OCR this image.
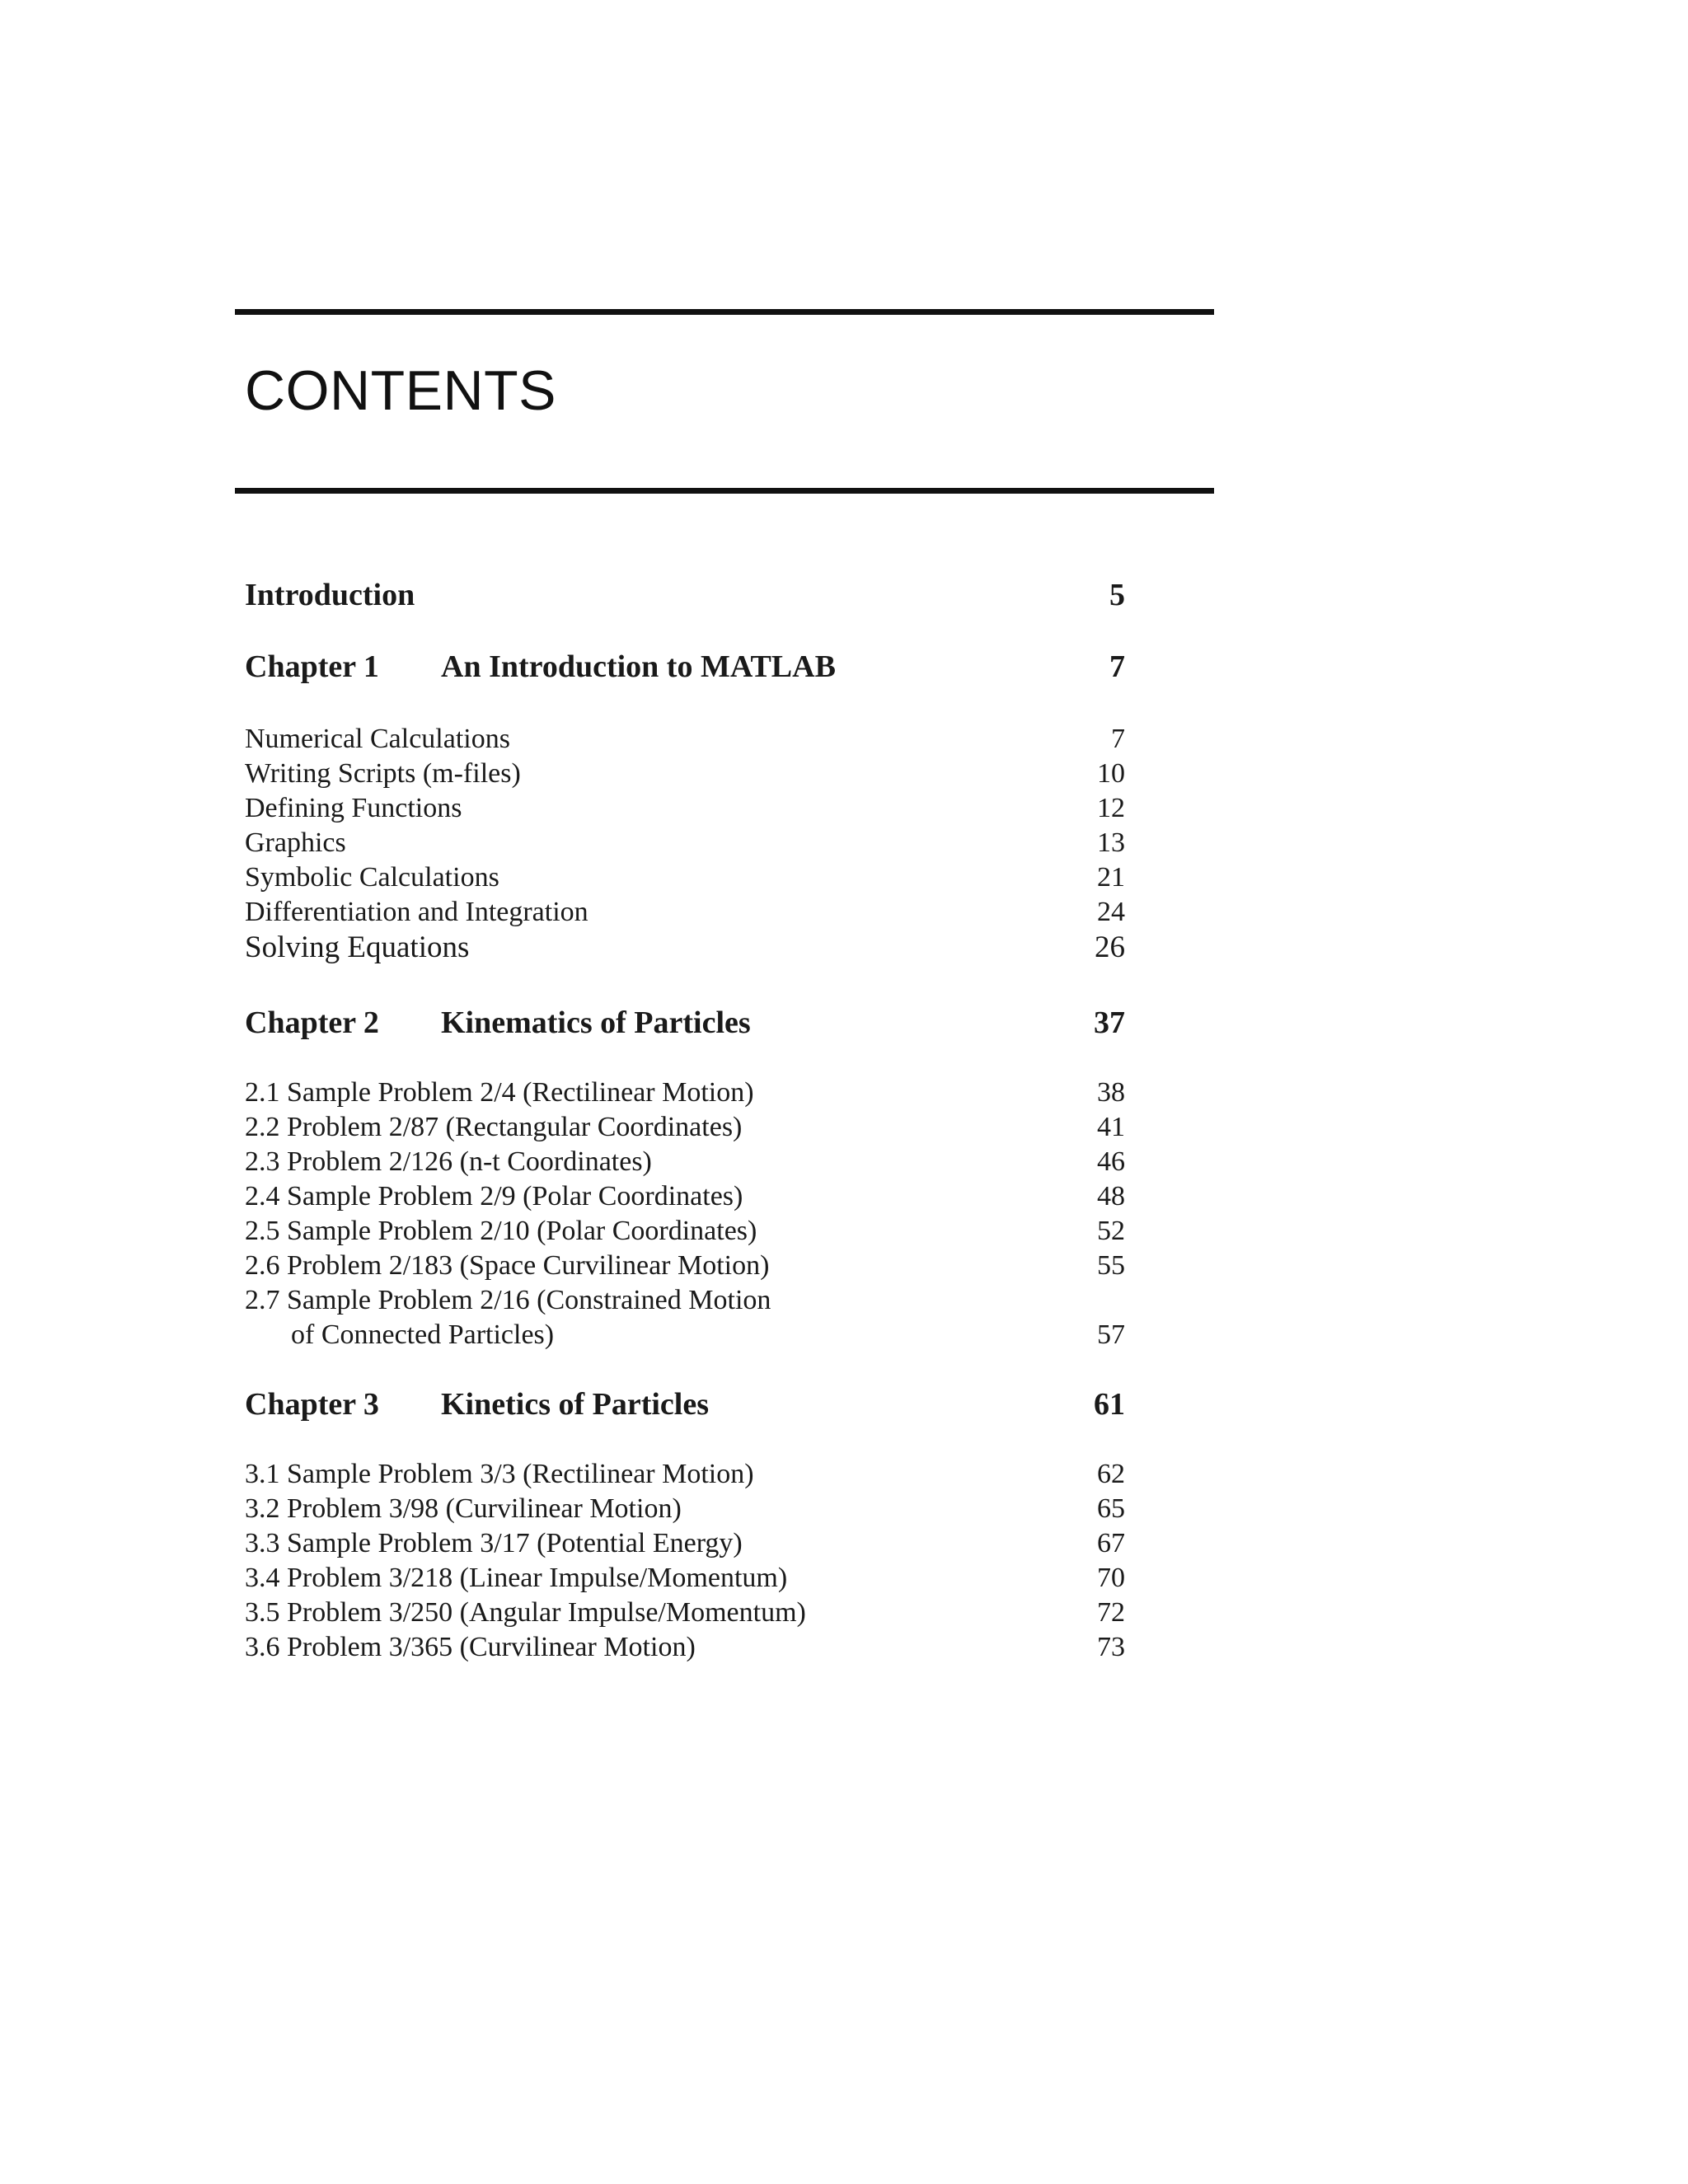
CONTENTS
Introduction	5
Chapter 1 An Introduction to MATLAB	7
Numerical Calculations	7
Writing Scripts (m-files)	10
Defining Functions	12
Graphics	13
Symbolic Calculations	21
Differentiation and Integration	24
Solving Equations	26
Chapter 2 Kinematics of Particles	37
2.1 Sample Problem 2/4 (Rectilinear Motion)	38
2.2 Problem 2/87 (Rectangular Coordinates)	41
2.3 Problem 2/126 (n-t Coordinates)	46
2.4 Sample Problem 2/9 (Polar Coordinates)	48
2.5 Sample Problem 2/10 (Polar Coordinates)	52
2.6 Problem 2/183 (Space Curvilinear Motion)	55
2.7 Sample Problem 2/16 (Constrained Motion
of Connected Particles)	57
Chapter 3 Kinetics of Particles	61
3.1 Sample Problem 3/3 (Rectilinear Motion)	62
3.2 Problem 3/98 (Curvilinear Motion)	65
3.3 Sample Problem 3/17 (Potential Energy)	67
3.4 Problem 3/218 (Linear Impulse/Momentum)	70
3.5 Problem 3/250 (Angular Impulse/Momentum)	72
3.6 Problem 3/365 (Curvilinear Motion)	73
